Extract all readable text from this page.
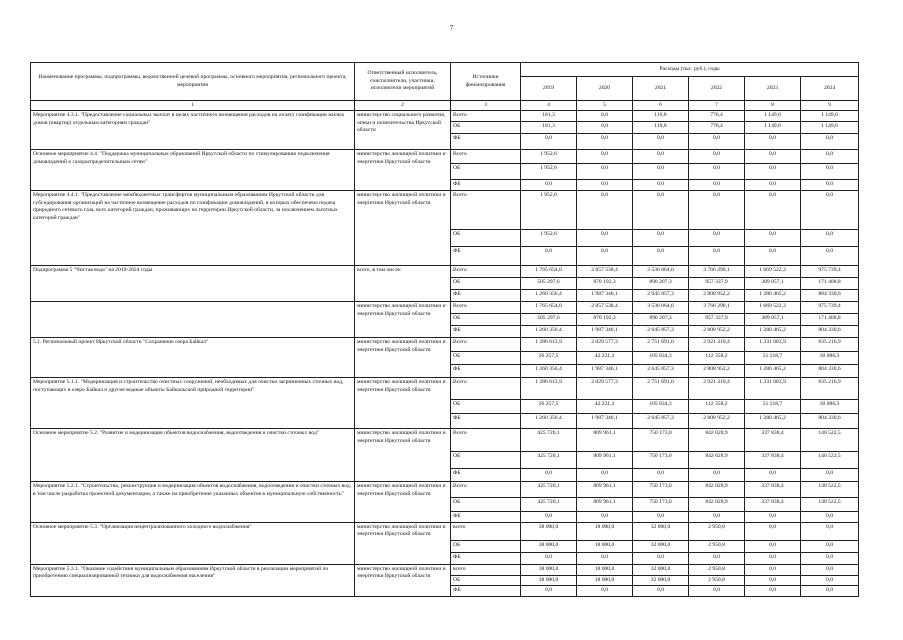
7
Наименование программы, подпрограммы, ведомственной целевой программы, основного мероприятия, регионального проекта, мероприятия	Ответственный исполнитель, соисполнители, участники, исполнители мероприятий	Источники финансирования	Расходы (тыс. руб.), годы					
			2019	2020	2021	2022	2023	2024
1	2	3	4	5	6	7	8	9
Мероприятие 4.3.1. "Предоставление социальных выплат в целях частичного возмещения расходов на оплату газификации жилых домов (квартир) отдельным категориям граждан"	министерство социального развития, опеки и попечительства Иркутской области	Всего	181,3	0,0	110,8	776,4	1 149,6	1 149,6
		ОБ	181,3	0,0	110,8	776,4	1 149,6	1 149,6
		ФБ	0,0	0,0	0,0	0,0	0,0	0,0
Основное мероприятие 4.4. "Поддержка муниципальных образований Иркутской области по стимулированию подключения домовладений к газораспределительным сетям"	министерство жилищной политики и энергетики Иркутской области	Всего	1 952,6	0,0	0,0	0,0	0,0	0,0
		ОБ	1 952,6	0,0	0,0	0,0	0,0	0,0
		ФБ	0,0	0,0	0,0	0,0	0,0	0,0
Мероприятие 4.4.1. "Предоставление межбюджетных трансфертов муниципальным образованиям Иркутской области для субсидирования организаций на частичное возмещение расходов по газификации домовладений, в которых обеспечена подача природного сетевого газа, всех категорий граждан, проживающих на территории Иркутской области, за исключением льготных категорий граждан"	министерство жилищной политики и энергетики Иркутской области	Всего	1 952,6	0,0	0,0	0,0	0,0	0,0
		ОБ	1 952,6	0,0	0,0	0,0	0,0	0,0
		ФБ	0,0	0,0	0,0	0,0	0,0	0,0
Подпрограмма 5 "Чистая вода" на 2019-2024 годы	всего, в том числе:	Всего	1 765 654,0	2 857 538,4	3 536 064,6	3 766 290,1	1 669 522,3	975 739,4
		ОБ	505 297,6	870 192,3	890 207,3	957 337,9	389 057,1	171 408,8
		ФБ	1 260 356,4	1 987 346,1	2 645 857,3	2 808 952,2	1 280 465,2	804 330,6
	министерство жилищной политики и энергетики Иркутской области	Всего	1 765 654,0	2 857 538,4	3 536 064,6	3 766 290,1	1 669 522,3	975 739,4
		ОБ	505 297,6	870 192,3	890 207,3	957 337,9	389 057,1	171 408,8
		ФБ	1 260 356,4	1 987 346,1	2 645 857,3	2 808 952,2	1 280 465,2	804 330,6
5.1. Региональный проект Иркутской области "Сохранение озера Байкал"	министерство жилищной политики и энергетики Иркутской области	Всего	1 286 613,9	2 029 577,3	2 751 691,6	2 921 310,4	1 331 683,9	835 216,9
		ОБ	26 257,5	42 231,2	105 834,3	112 358,2	51 218,7	30 886,3
		ФБ	1 260 356,4	1 987 346,1	2 645 857,3	2 808 952,2	1 280 465,2	804 330,6
Мероприятие 5.1.1. "Модернизация и строительство очистных сооружений, необходимых для очистки загрязненных сточных вод, поступающих в озеро Байкал и другие водные объекты Байкальской природной территории"	министерство жилищной политики и энергетики Иркутской области	Всего	1 286 613,9	2 029 577,3	2 751 691,6	2 921 310,4	1 331 683,9	835 216,9
		ОБ	26 257,5	42 231,2	105 834,3	112 358,2	51 218,7	30 886,3
		ФБ	1 260 356,4	1 987 346,1	2 645 857,3	2 808 952,2	1 280 465,2	804 330,6
Основное мероприятие 5.2. "Развитие и модернизация объектов водоснабжения, водоотведения и очистки сточных вод"	министерство жилищной политики и энергетики Иркутской области	Всего	425 720,1	809 961,1	750 173,0	842 028,9	337 838,4	140 522,5
		ОБ	425 720,1	809 961,1	750 173,0	842 028,9	337 838,4	140 522,5
		ФБ	0,0	0,0	0,0	0,0	0,0	0,0
Мероприятие 5.2.1. "Строительство, реконструкция и модернизация объектов водоснабжения, водоотведения и очистки сточных вод, в том числе разработка проектной документации, а также на приобретение указанных объектов в муниципальную собственность"	министерство жилищной политики и энергетики Иркутской области	Всего	425 720,1	809 961,1	750 173,0	842 028,9	337 838,4	140 522,5
		ОБ	425 720,1	809 961,1	750 173,0	842 028,9	337 838,4	140 522,5
		ФБ	0,0	0,0	0,0	0,0	0,0	0,0
Основное мероприятие 5.3. "Организация нецентрализованного холодного водоснабжения"	министерство жилищной политики и энергетики Иркутской области	всего	38 000,0	18 000,0	32 000,0	2 950,8	0,0	0,0
		ОБ	38 000,0	18 000,0	32 000,0	2 950,8	0,0	0,0
		ФБ	0,0	0,0	0,0	0,0	0,0	0,0
Мероприятие 5.3.1. "Оказание содействия муниципальным образованиям Иркутской области в реализации мероприятий по приобретению специализированной техники для водоснабжения населения"	министерство жилищной политики и энергетики Иркутской области	всего	38 000,0	18 000,0	32 000,0	2 950,8	0,0	0,0
		ОБ	38 000,0	18 000,0	32 000,0	2 950,8	0,0	0,0
		ФБ	0,0	0,0	0,0	0,0	0,0	0,0
